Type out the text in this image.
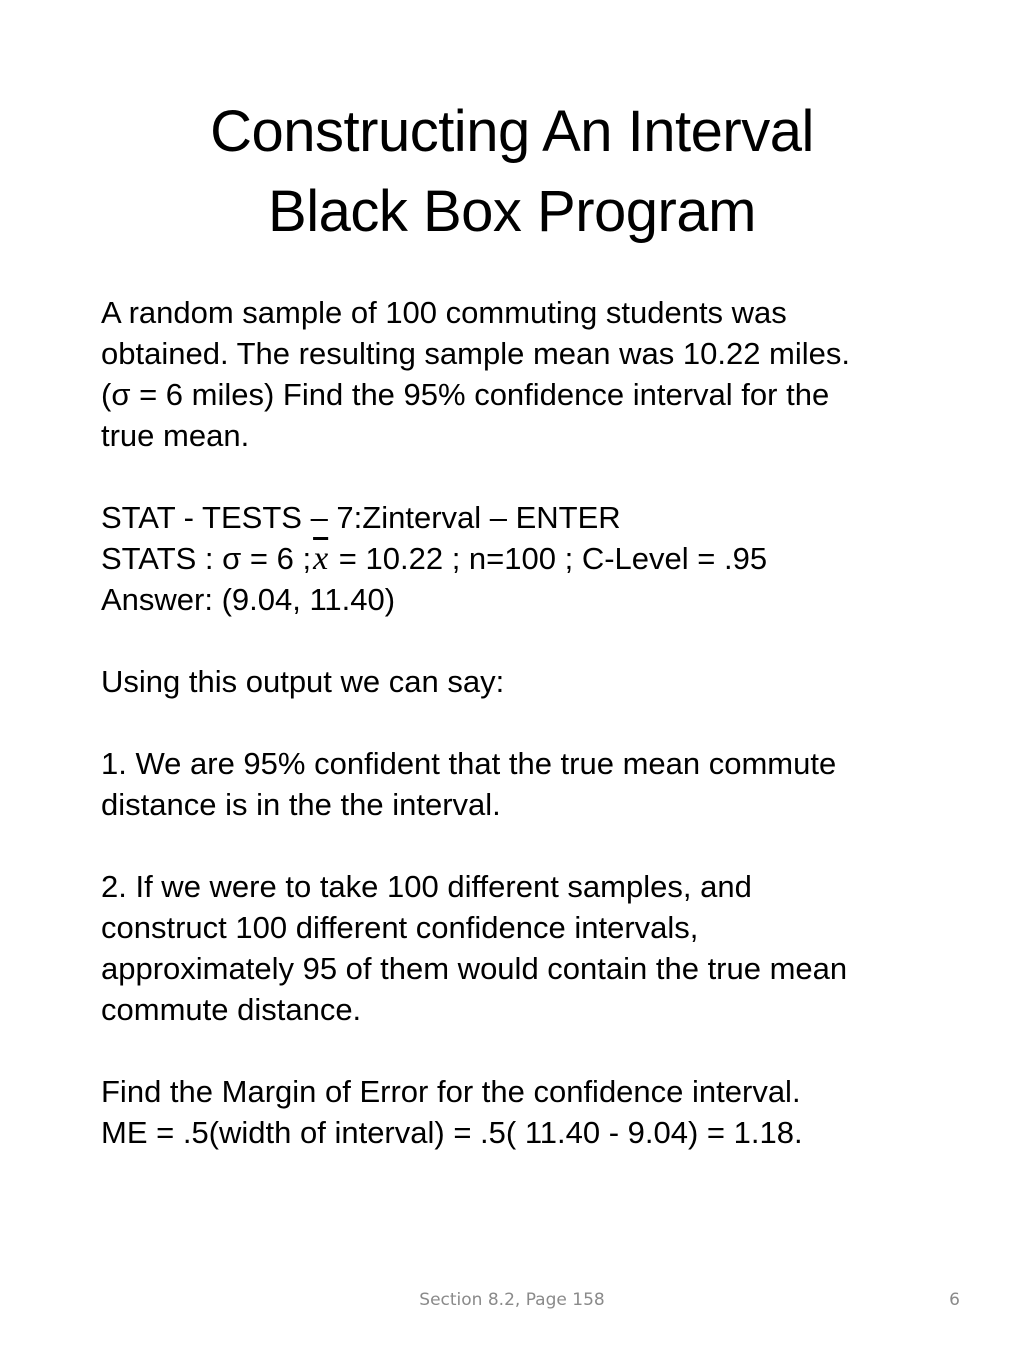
Constructing An Interval
Black Box Program
A random sample of 100 commuting students was
obtained. The resulting sample mean was 10.22 miles.
(σ = 6 miles) Find the 95% confidence interval for the
true mean.
STAT - TESTS – 7:Zinterval – ENTER
STATS : σ = 6 $;\overline{x} = 10.22$ ; n=100 ; C-Level = .95
Answer: (9.04, 11.40)
Using this output we can say:
1. We are 95% confident that the true mean commute
distance is in the the interval.
2. If we were to take 100 different samples, and
construct 100 different confidence intervals,
approximately 95 of them would contain the true mean
commute distance.
Find the Margin of Error for the confidence interval.
ME = .5(width of interval) = .5( 11.40 - 9.04) = 1.18.
Section 8.2, Page 158	6
